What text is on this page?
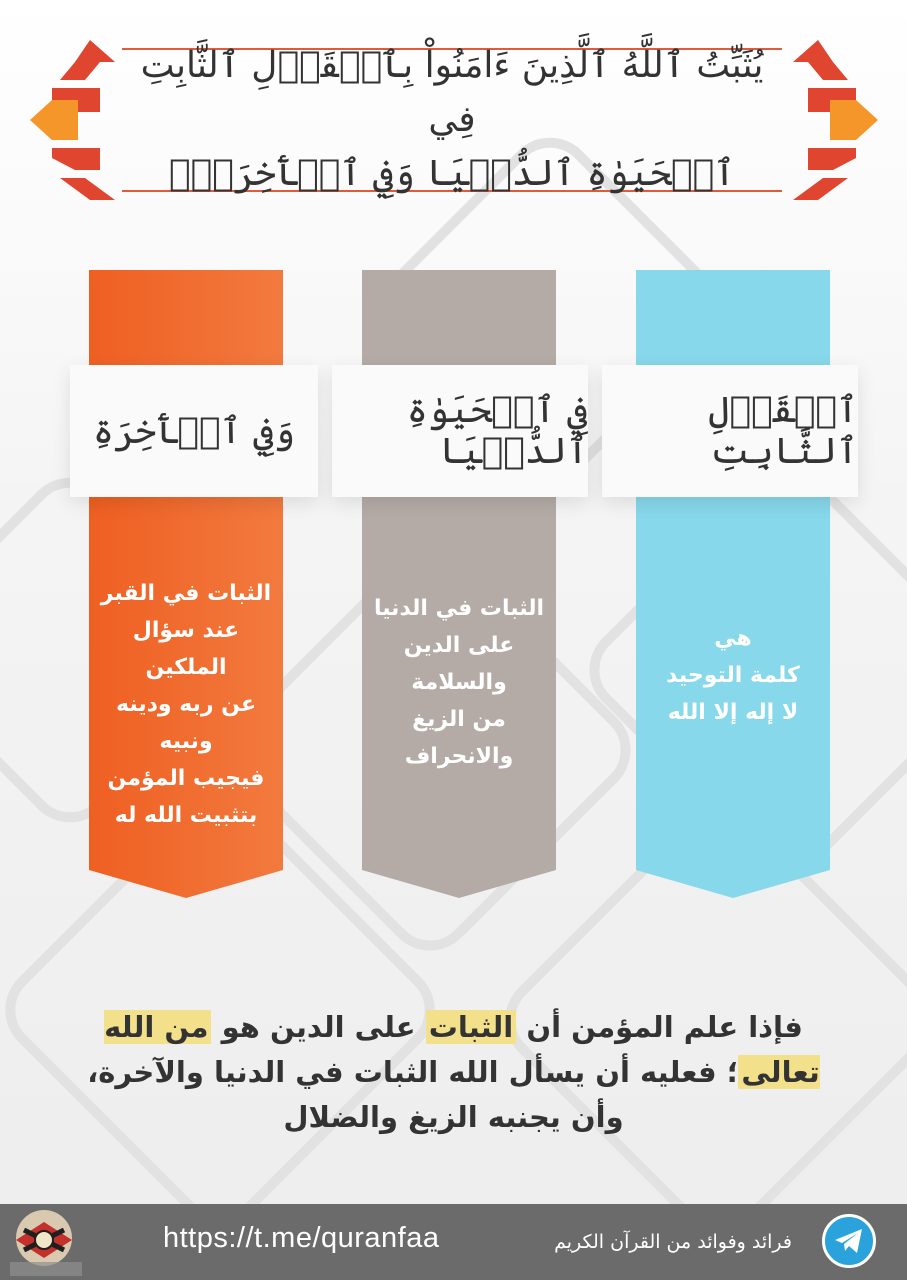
يُثَبِّتُ ٱللَّهُ ٱلَّذِينَ ءَامَنُواْ بِٱلۡقَوۡلِ ٱلثَّابِتِ فِي
ٱلۡحَيَوٰةِ ٱلدُّنۡيَا وَفِي ٱلۡأٓخِرَةِۖ
هي
كلمة التوحيد
لا إله إلا الله
ٱلۡقَوۡلِ ٱلثَّابِتِ
الثبات في الدنيا
على الدين
والسلامة
من الزيغ
والانحراف
فِي ٱلۡحَيَوٰةِ ٱلدُّنۡيَا
الثبات في القبر
عند سؤال
الملكين
عن ربه ودينه
ونبيه
فيجيب المؤمن
بتثبيت الله له
وَفِي ٱلۡأٓخِرَةِ
فإذا علم المؤمن أن الثبات على الدين هو من الله تعالى؛ فعليه أن يسأل الله الثبات في الدنيا والآخرة، وأن يجنبه الزيغ والضلال
https://t.me/quranfaa	فرائد وفوائد من القرآن الكريم
